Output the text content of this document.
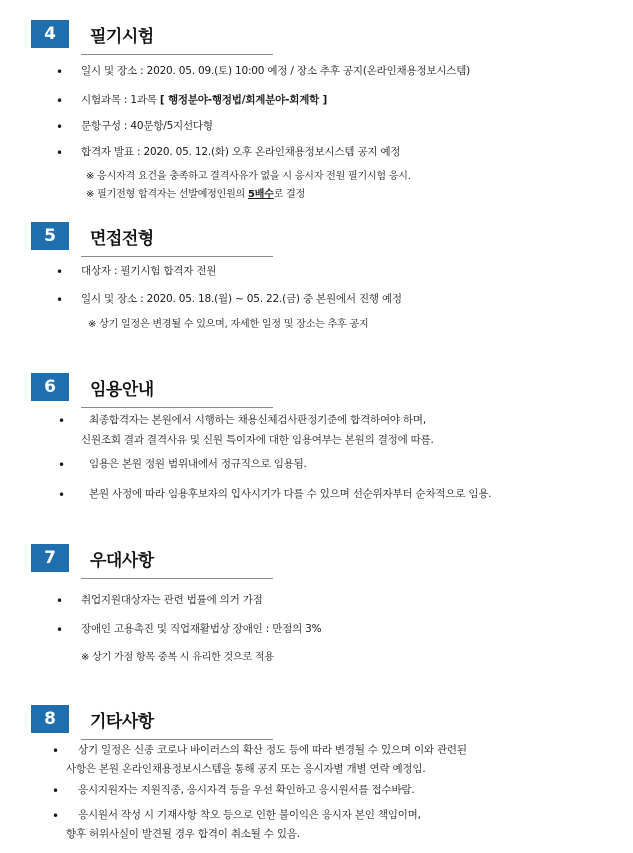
4	필기시험
• 일시 및 장소 : 2020. 05. 09.(토) 10:00 예정 / 장소 추후 공지(온라인채용정보시스템)
• 시험과목 : 1과목 [ 행정분야-행정법/회계분야-회계학 ]
• 문항구성 : 40문항/5지선다형
• 합격자 발표 : 2020. 05. 12.(화) 오후 온라인채용정보시스템 공지 예정
※ 응시자격 요건을 충족하고 결격사유가 없을 시 응시자 전원 필기시험 응시.
※ 필기전형 합격자는 선발예정인원의 5배수로 결정
5	면접전형
• 대상자 : 필기시험 합격자 전원
• 일시 및 장소 : 2020. 05. 18.(월) ~ 05. 22.(금) 중 본원에서 진행 예정
※ 상기 일정은 변경될 수 있으며, 자세한 일정 및 장소는 추후 공지
6	임용안내
• 최종합격자는 본원에서 시행하는 채용신체검사판정기준에 합격하여야 하며,
신원조회 결과 결격사유 및 신원 특이자에 대한 임용여부는 본원의 결정에 따름.
• 임용은 본원 정원 범위내에서 정규직으로 임용됨.
• 본원 사정에 따라 임용후보자의 입사시기가 다를 수 있으며 선순위자부터 순차적으로 임용.
7	우대사항
• 취업지원대상자는 관련 법률에 의거 가점
• 장애인 고용촉진 및 직업재활법상 장애인 : 만점의 3%
※ 상기 가점 항목 중복 시 유리한 것으로 적용
8	기타사항
• 상기 일정은 신종 코로나 바이러스의 확산 정도 등에 따라 변경될 수 있으며 이와 관련된
사항은 본원 온라인채용정보시스템을 통해 공지 또는 응시자별 개별 연락 예정임.
• 응시지원자는 지원직종, 응시자격 등을 우선 확인하고 응시원서를 접수바람.
• 응시원서 작성 시 기재사항 착오 등으로 인한 불이익은 응시자 본인 책임이며,
향후 허위사실이 발견될 경우 합격이 취소될 수 있음.
